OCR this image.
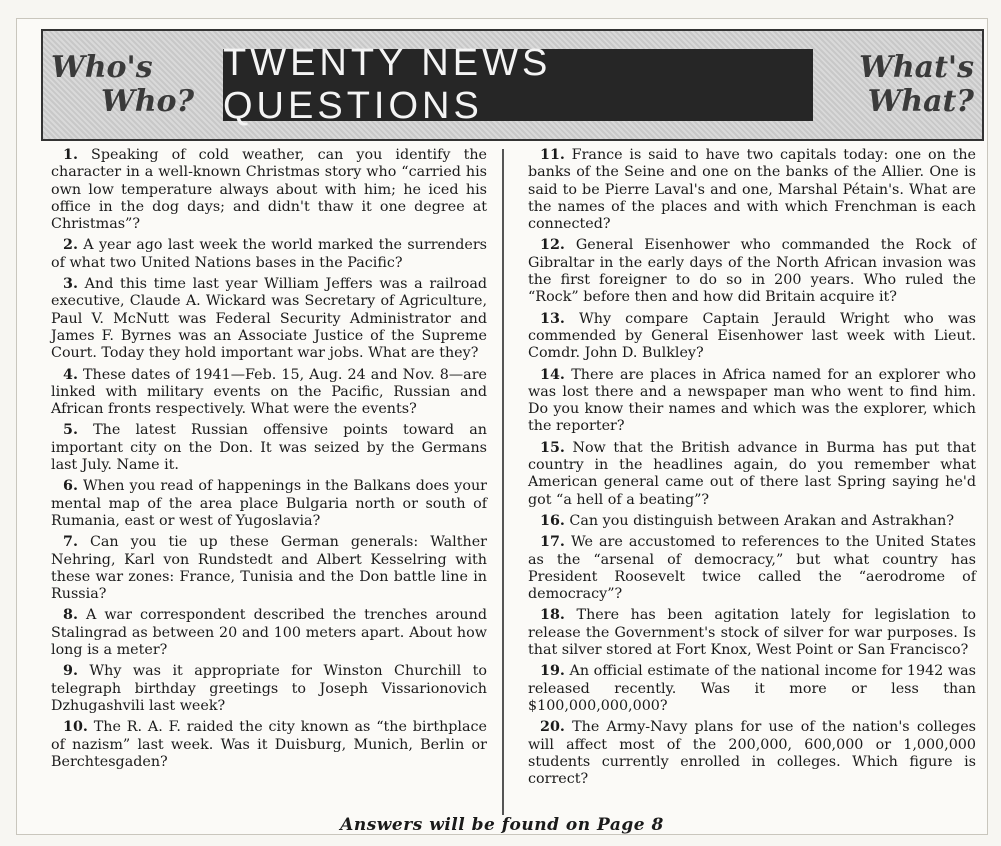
Who's
Who?
TWENTY NEWS QUESTIONS
What's
What?

1. Speaking of cold weather, can you identify the character in a well-known Christmas story who “carried his own low temperature always about with him; he iced his office in the dog days; and didn't thaw it one degree at Christmas”?

2. A year ago last week the world marked the surrenders of what two United Nations bases in the Pacific?

3. And this time last year William Jeffers was a railroad executive, Claude A. Wickard was Secretary of Agriculture, Paul V. McNutt was Federal Security Administrator and James F. Byrnes was an Associate Justice of the Supreme Court. Today they hold important war jobs. What are they?

4. These dates of 1941—Feb. 15, Aug. 24 and Nov. 8—are linked with military events on the Pacific, Russian and African fronts respectively. What were the events?

5. The latest Russian offensive points toward an important city on the Don. It was seized by the Germans last July. Name it.

6. When you read of happenings in the Balkans does your mental map of the area place Bulgaria north or south of Rumania, east or west of Yugoslavia?

7. Can you tie up these German generals: Walther Nehring, Karl von Rundstedt and Albert Kesselring with these war zones: France, Tunisia and the Don battle line in Russia?

8. A war correspondent described the trenches around Stalingrad as between 20 and 100 meters apart. About how long is a meter?

9. Why was it appropriate for Winston Churchill to telegraph birthday greetings to Joseph Vissarionovich Dzhugashvili last week?

10. The R. A. F. raided the city known as “the birthplace of nazism” last week. Was it Duisburg, Munich, Berlin or Berchtesgaden?

11. France is said to have two capitals today: one on the banks of the Seine and one on the banks of the Allier. One is said to be Pierre Laval's and one, Marshal Pétain's. What are the names of the places and with which Frenchman is each connected?

12. General Eisenhower who commanded the Rock of Gibraltar in the early days of the North African invasion was the first foreigner to do so in 200 years. Who ruled the “Rock” before then and how did Britain acquire it?

13. Why compare Captain Jerauld Wright who was commended by General Eisenhower last week with Lieut. Comdr. John D. Bulkley?

14. There are places in Africa named for an explorer who was lost there and a newspaper man who went to find him. Do you know their names and which was the explorer, which the reporter?

15. Now that the British advance in Burma has put that country in the headlines again, do you remember what American general came out of there last Spring saying he'd got “a hell of a beating”?

16. Can you distinguish between Arakan and Astrakhan?

17. We are accustomed to references to the United States as the “arsenal of democracy,” but what country has President Roosevelt twice called the “aerodrome of democracy”?

18. There has been agitation lately for legislation to release the Government's stock of silver for war purposes. Is that silver stored at Fort Knox, West Point or San Francisco?

19. An official estimate of the national income for 1942 was released recently. Was it more or less than $100,000,000,000?

20. The Army-Navy plans for use of the nation's colleges will affect most of the 200,000, 600,000 or 1,000,000 students currently enrolled in colleges. Which figure is correct?

Answers will be found on Page 8
